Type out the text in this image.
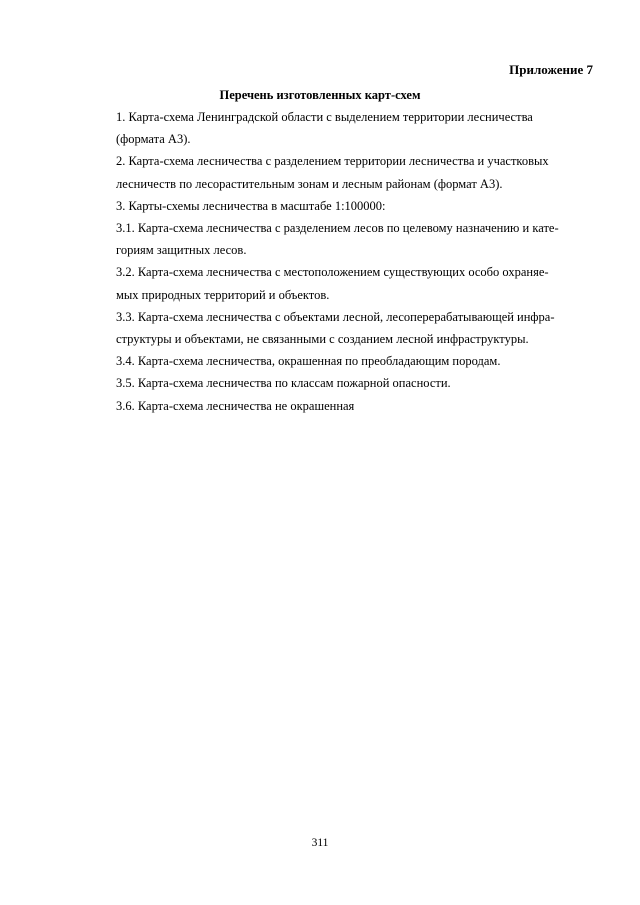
Приложение 7
Перечень изготовленных карт-схем

1. Карта-схема Ленинградской области с выделением территории лесничества
(формата А3).

2. Карта-схема лесничества с разделением территории лесничества и участковых
лесничеств по лесорастительным зонам и лесным районам (формат А3).

3. Карты-схемы лесничества в масштабе 1:100000:

3.1. Карта-схема лесничества с разделением лесов по целевому назначению и кате-
гориям защитных лесов.

3.2. Карта-схема лесничества с местоположением существующих особо охраняе-
мых природных территорий и объектов.

3.3. Карта-схема лесничества с объектами лесной, лесоперерабатывающей инфра-
структуры и объектами, не связанными с созданием лесной инфраструктуры.

3.4. Карта-схема лесничества, окрашенная по преобладающим породам.

3.5. Карта-схема лесничества по классам пожарной опасности.

3.6. Карта-схема лесничества не окрашенная

311
